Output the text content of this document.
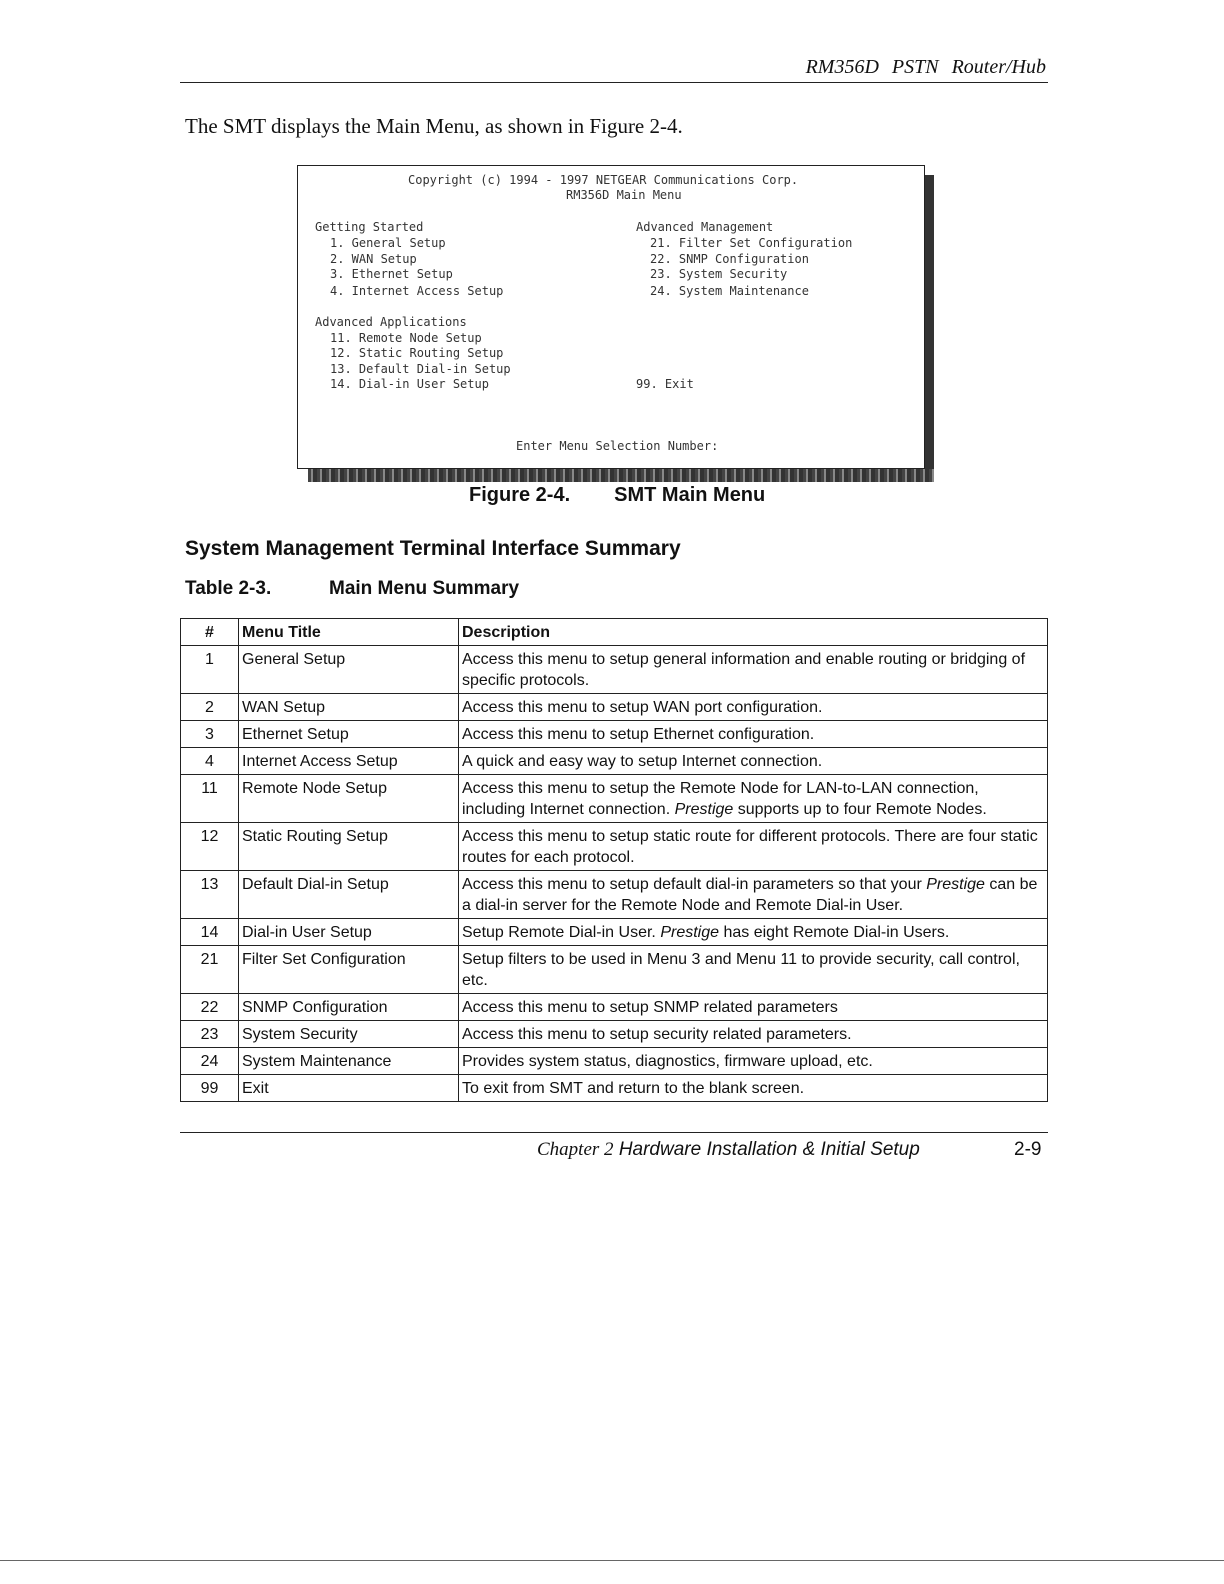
RM356D PSTN Router/Hub
The SMT displays the Main Menu, as shown in Figure 2-4.
Copyright (c) 1994 - 1997 NETGEAR Communications Corp.
RM356D Main Menu
Getting Started
1. General Setup
2. WAN Setup
3. Ethernet Setup
4. Internet Access Setup
Advanced Management
21. Filter Set Configuration
22. SNMP Configuration
23. System Security
24. System Maintenance
Advanced Applications
11. Remote Node Setup
12. Static Routing Setup
13. Default Dial-in Setup
14. Dial-in User Setup	99. Exit
Enter Menu Selection Number:
Figure 2-4. SMT Main Menu
System Management Terminal Interface Summary
Table 2-3.	Main Menu Summary
#	Menu Title	Description
1	General Setup	Access this menu to setup general information and enable routing or bridging of specific protocols.
2	WAN Setup	Access this menu to setup WAN port configuration.
3	Ethernet Setup	Access this menu to setup Ethernet configuration.
4	Internet Access Setup	A quick and easy way to setup Internet connection.
11	Remote Node Setup	Access this menu to setup the Remote Node for LAN-to-LAN connection, including Internet connection. Prestige supports up to four Remote Nodes.
12	Static Routing Setup	Access this menu to setup static route for different protocols. There are four static routes for each protocol.
13	Default Dial-in Setup	Access this menu to setup default dial-in parameters so that your Prestige can be a dial-in server for the Remote Node and Remote Dial-in User.
14	Dial-in User Setup	Setup Remote Dial-in User. Prestige has eight Remote Dial-in Users.
21	Filter Set Configuration	Setup filters to be used in Menu 3 and Menu 11 to provide security, call control, etc.
22	SNMP Configuration	Access this menu to setup SNMP related parameters
23	System Security	Access this menu to setup security related parameters.
24	System Maintenance	Provides system status, diagnostics, firmware upload, etc.
99	Exit	To exit from SMT and return to the blank screen.
Chapter 2 Hardware Installation & Initial Setup	2-9
